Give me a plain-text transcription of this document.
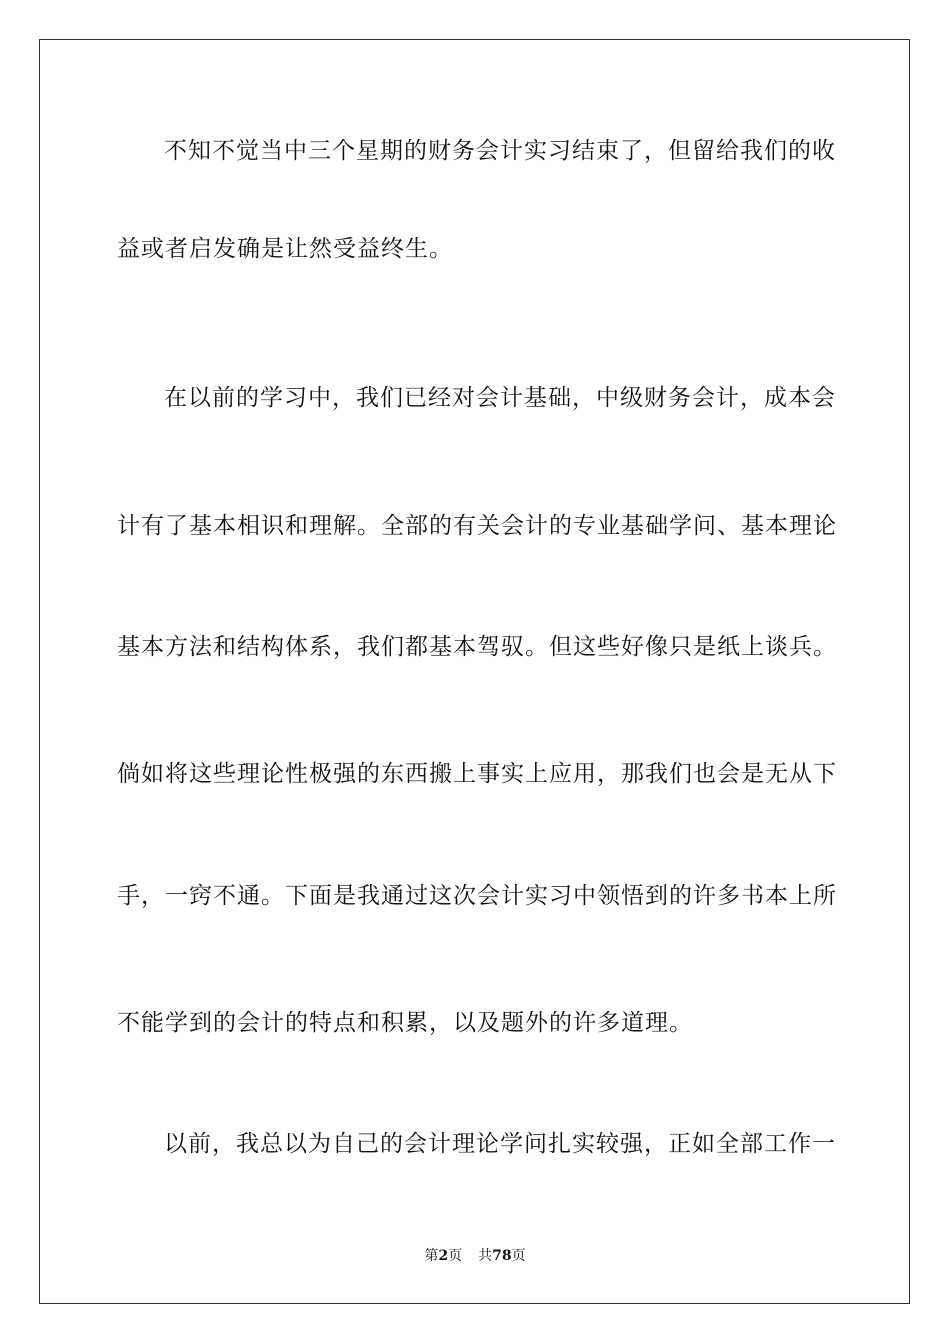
不知不觉当中三个星期的财务会计实习结束了，但留给我们的收
益或者启发确是让然受益终生。
在以前的学习中，我们已经对会计基础，中级财务会计，成本会
计有了基本相识和理解。全部的有关会计的专业基础学问、基本理论
基本方法和结构体系，我们都基本驾驭。但这些好像只是纸上谈兵。
倘如将这些理论性极强的东西搬上事实上应用，那我们也会是无从下
手，一窍不通。下面是我通过这次会计实习中领悟到的许多书本上所
不能学到的会计的特点和积累，以及题外的许多道理。
以前，我总以为自己的会计理论学问扎实较强，正如全部工作一
第2页 共78页
